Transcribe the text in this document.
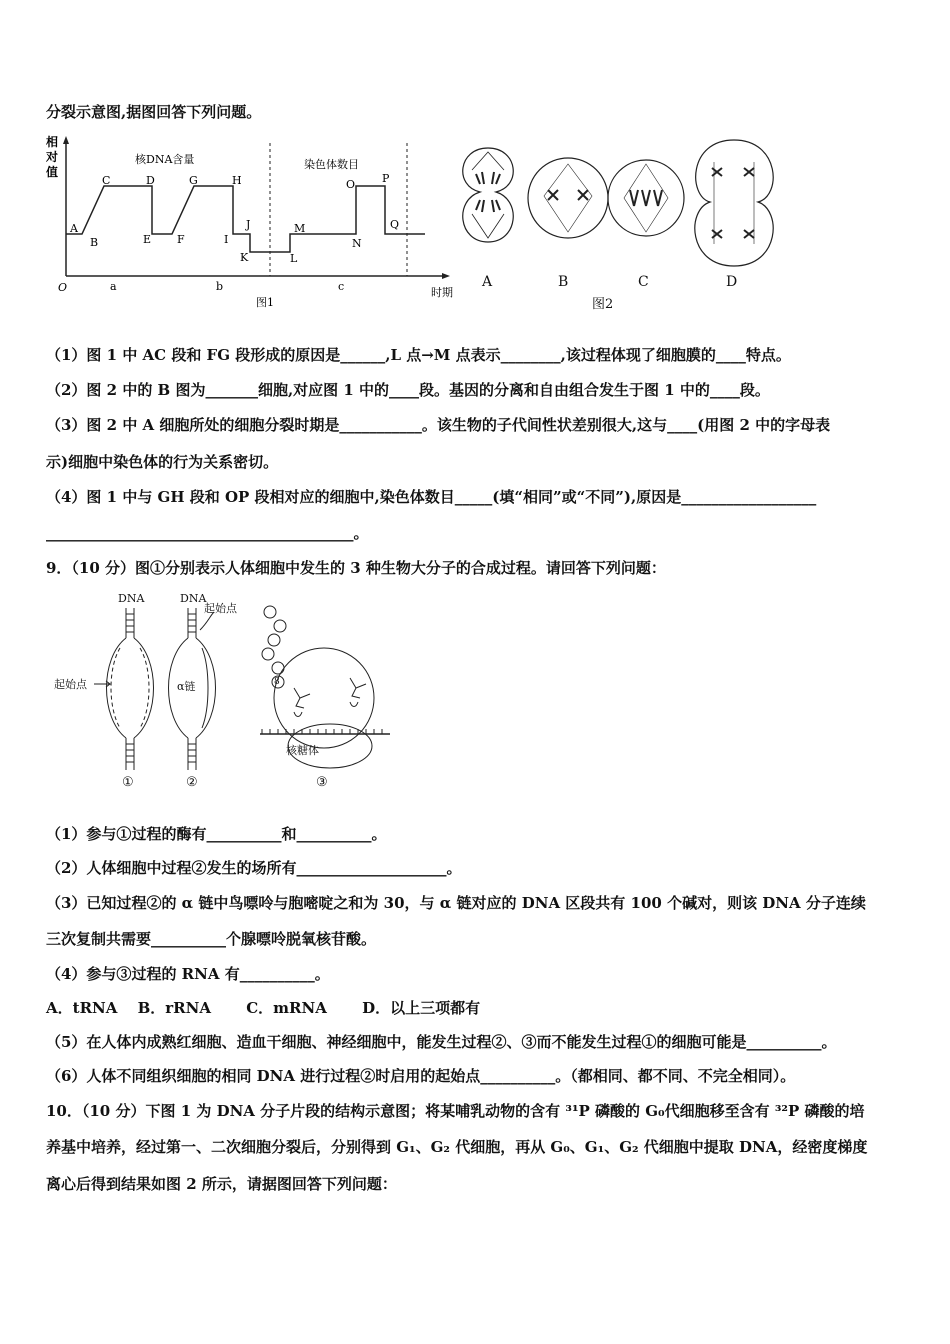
分裂示意图,据图回答下列问题。
相
对
值
核DNA含量	染色体数目
A
B
C	D
E F
G	H
I
J
K	L
M
N
O P
Q
O	时期
a	b	c
图1
A	B	C	D
图2
（1）图 1 中 AC 段和 FG 段形成的原因是______,L 点→M 点表示________,该过程体现了细胞膜的____特点。
（2）图 2 中的 B 图为_______细胞,对应图 1 中的____段。基因的分离和自由组合发生于图 1 中的____段。
（3）图 2 中 A 细胞所处的细胞分裂时期是___________。该生物的子代间性状差别很大,这与____(用图 2 中的字母表
示)细胞中染色体的行为关系密切。
（4）图 1 中与 GH 段和 OP 段相对应的细胞中,染色体数目_____(填“相同”或“不同”),原因是__________________
_________________________________________。
9．（10 分）图①分别表示人体细胞中发生的 3 种生物大分子的合成过程。请回答下列问题：
DNA	DNA
起始点
起始点	α链
核糖体
8
①	②	③
（1）参与①过程的酶有__________和__________。
（2）人体细胞中过程②发生的场所有____________________。
（3）已知过程②的 α 链中鸟嘌呤与胞嘧啶之和为 30，与 α 链对应的 DNA 区段共有 100 个碱对，则该 DNA 分子连续
三次复制共需要__________个腺嘌呤脱氧核苷酸。
（4）参与③过程的 RNA 有__________。
A．tRNA　 B．rRNA　　 C．mRNA　　 D．以上三项都有
（5）在人体内成熟红细胞、造血干细胞、神经细胞中，能发生过程②、③而不能发生过程①的细胞可能是__________。
（6）人体不同组织细胞的相同 DNA 进行过程②时启用的起始点__________。（都相同、都不同、不完全相同）。
10．（10 分）下图 1 为 DNA 分子片段的结构示意图；将某哺乳动物的含有 ³¹P 磷酸的 G₀代细胞移至含有 ³²P 磷酸的培
养基中培养，经过第一、二次细胞分裂后，分别得到 G₁、G₂ 代细胞，再从 G₀、G₁、G₂ 代细胞中提取 DNA，经密度梯度
离心后得到结果如图 2 所示，请据图回答下列问题：
